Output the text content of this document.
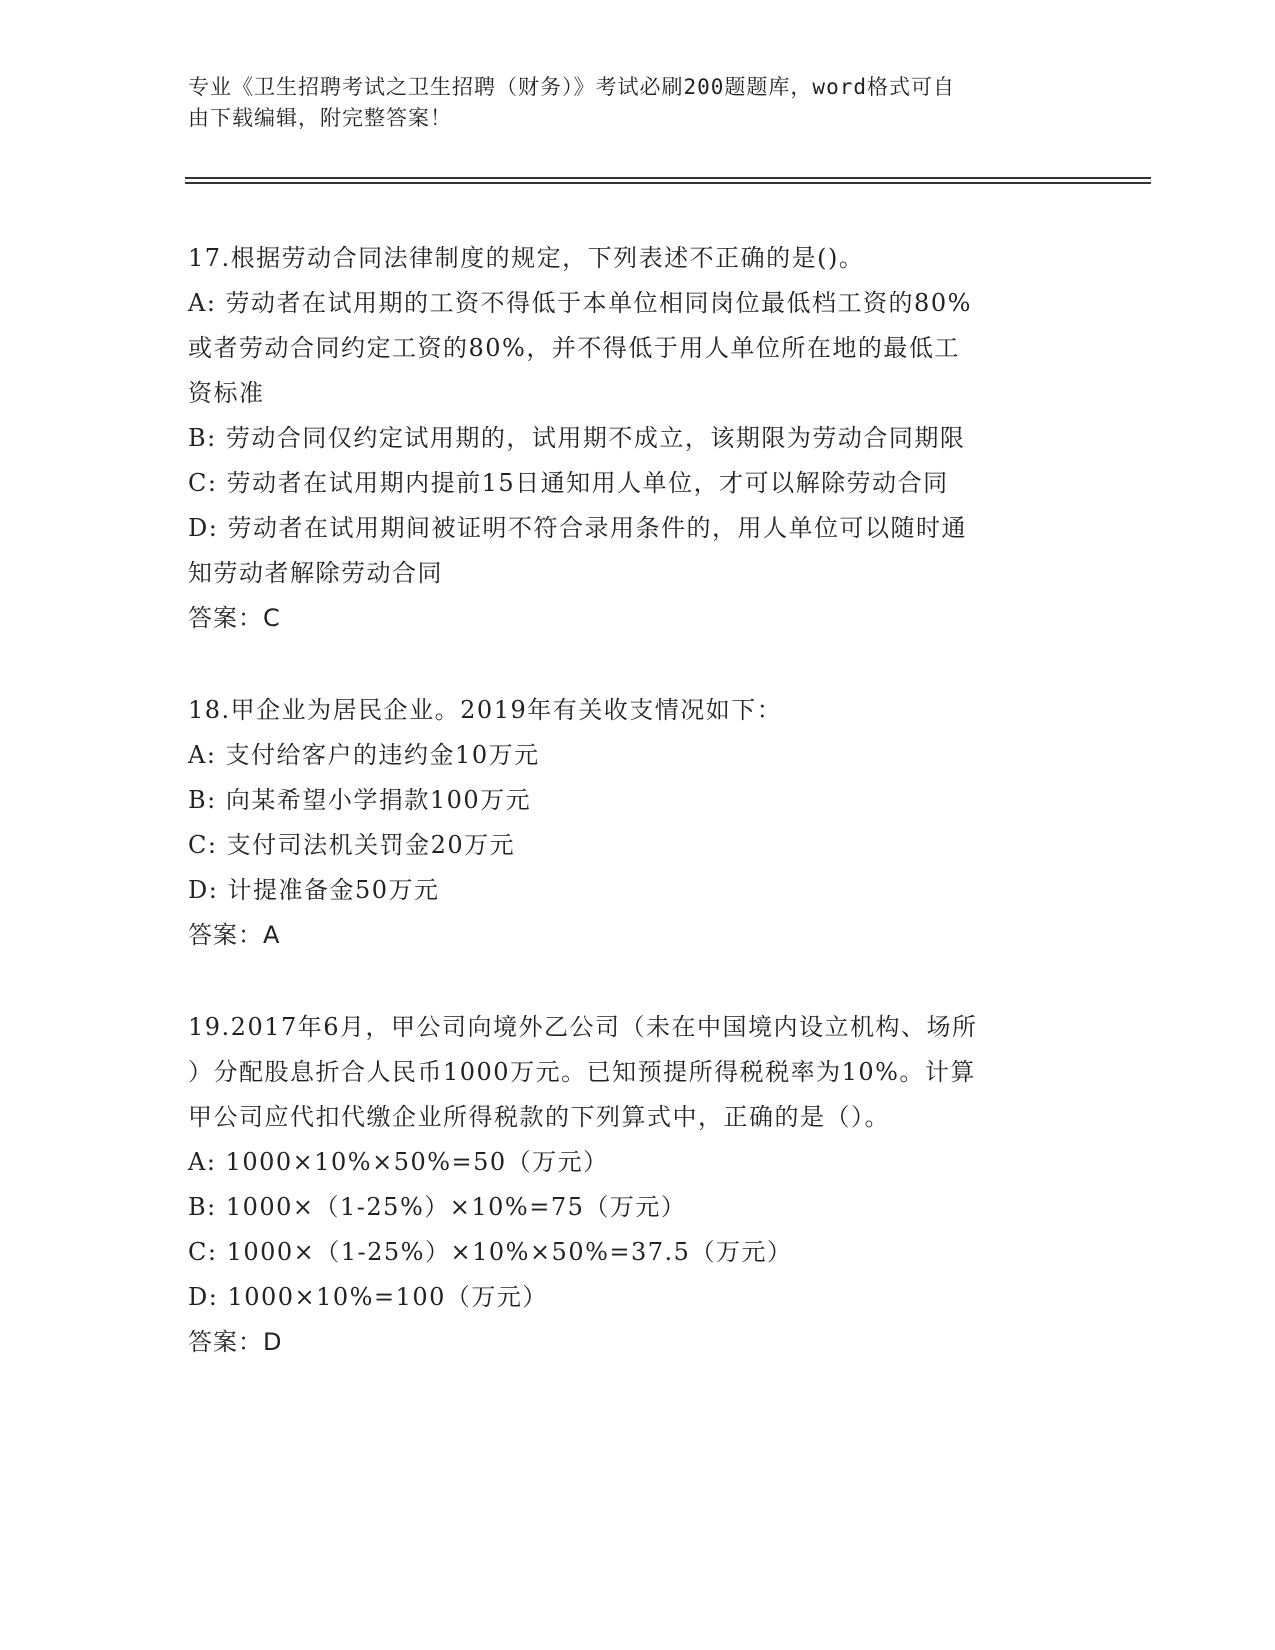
专业《卫生招聘考试之卫生招聘（财务）》考试必刷200题题库，word格式可自
由下载编辑，附完整答案！
17.根据劳动合同法律制度的规定，下列表述不正确的是()。
A: 劳动者在试用期的工资不得低于本单位相同岗位最低档工资的80%
或者劳动合同约定工资的80%，并不得低于用人单位所在地的最低工
资标准
B: 劳动合同仅约定试用期的，试用期不成立，该期限为劳动合同期限
C: 劳动者在试用期内提前15日通知用人单位，才可以解除劳动合同
D: 劳动者在试用期间被证明不符合录用条件的，用人单位可以随时通
知劳动者解除劳动合同
答案：C
18.甲企业为居民企业。2019年有关收支情况如下：
A: 支付给客户的违约金10万元
B: 向某希望小学捐款100万元
C: 支付司法机关罚金20万元
D: 计提准备金50万元
答案：A
19.2017年6月，甲公司向境外乙公司（未在中国境内设立机构、场所
）分配股息折合人民币1000万元。已知预提所得税税率为10%。计算
甲公司应代扣代缴企业所得税款的下列算式中，正确的是（）。
A: 1000×10%×50%=50（万元）
B: 1000×（1-25%）×10%=75（万元）
C: 1000×（1-25%）×10%×50%=37.5（万元）
D: 1000×10%=100（万元）
答案：D
